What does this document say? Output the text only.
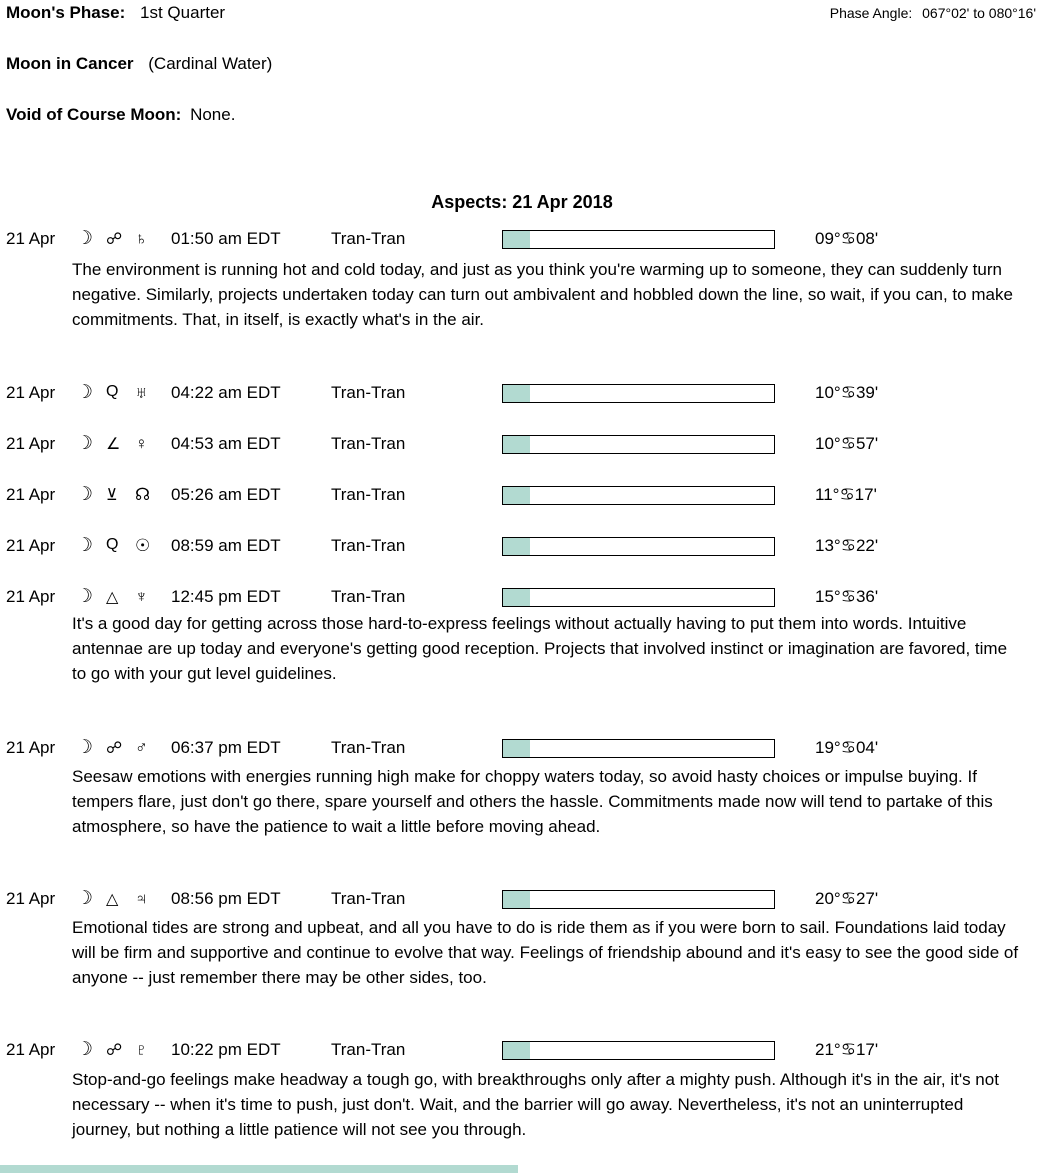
Moon's Phase: 1st Quarter	Phase Angle: 067°02' to 080°16'
Moon in Cancer (Cardinal Water)
Void of Course Moon: None.
Aspects: 21 Apr 2018
21 Apr ☽ ☍ ♄ 01:50 am EDT	Tran-Tran	09°♋08'
The environment is running hot and cold today, and just as you think you're warming up to someone, they can suddenly turn negative. Similarly, projects undertaken today can turn out ambivalent and hobbled down the line, so wait, if you can, to make commitments. That, in itself, is exactly what's in the air.
21 Apr ☽ Q ♅ 04:22 am EDT	Tran-Tran	10°♋39'
21 Apr ☽ ∠ ♀ 04:53 am EDT	Tran-Tran	10°♋57'
21 Apr ☽ ⊻ ☊ 05:26 am EDT	Tran-Tran	11°♋17'
21 Apr ☽ Q ☉ 08:59 am EDT	Tran-Tran	13°♋22'
21 Apr ☽ △ ♆ 12:45 pm EDT	Tran-Tran	15°♋36'
It's a good day for getting across those hard-to-express feelings without actually having to put them into words. Intuitive antennae are up today and everyone's getting good reception. Projects that involved instinct or imagination are favored, time to go with your gut level guidelines.
21 Apr ☽ ☍ ♂ 06:37 pm EDT	Tran-Tran	19°♋04'
Seesaw emotions with energies running high make for choppy waters today, so avoid hasty choices or impulse buying. If tempers flare, just don't go there, spare yourself and others the hassle. Commitments made now will tend to partake of this atmosphere, so have the patience to wait a little before moving ahead.
21 Apr ☽ △ ♃ 08:56 pm EDT	Tran-Tran	20°♋27'
Emotional tides are strong and upbeat, and all you have to do is ride them as if you were born to sail. Foundations laid today will be firm and supportive and continue to evolve that way. Feelings of friendship abound and it's easy to see the good side of anyone -- just remember there may be other sides, too.
21 Apr ☽ ☍ ♇ 10:22 pm EDT	Tran-Tran	21°♋17'
Stop-and-go feelings make headway a tough go, with breakthroughs only after a mighty push. Although it's in the air, it's not necessary -- when it's time to push, just don't. Wait, and the barrier will go away. Nevertheless, it's not an uninterrupted journey, but nothing a little patience will not see you through.
